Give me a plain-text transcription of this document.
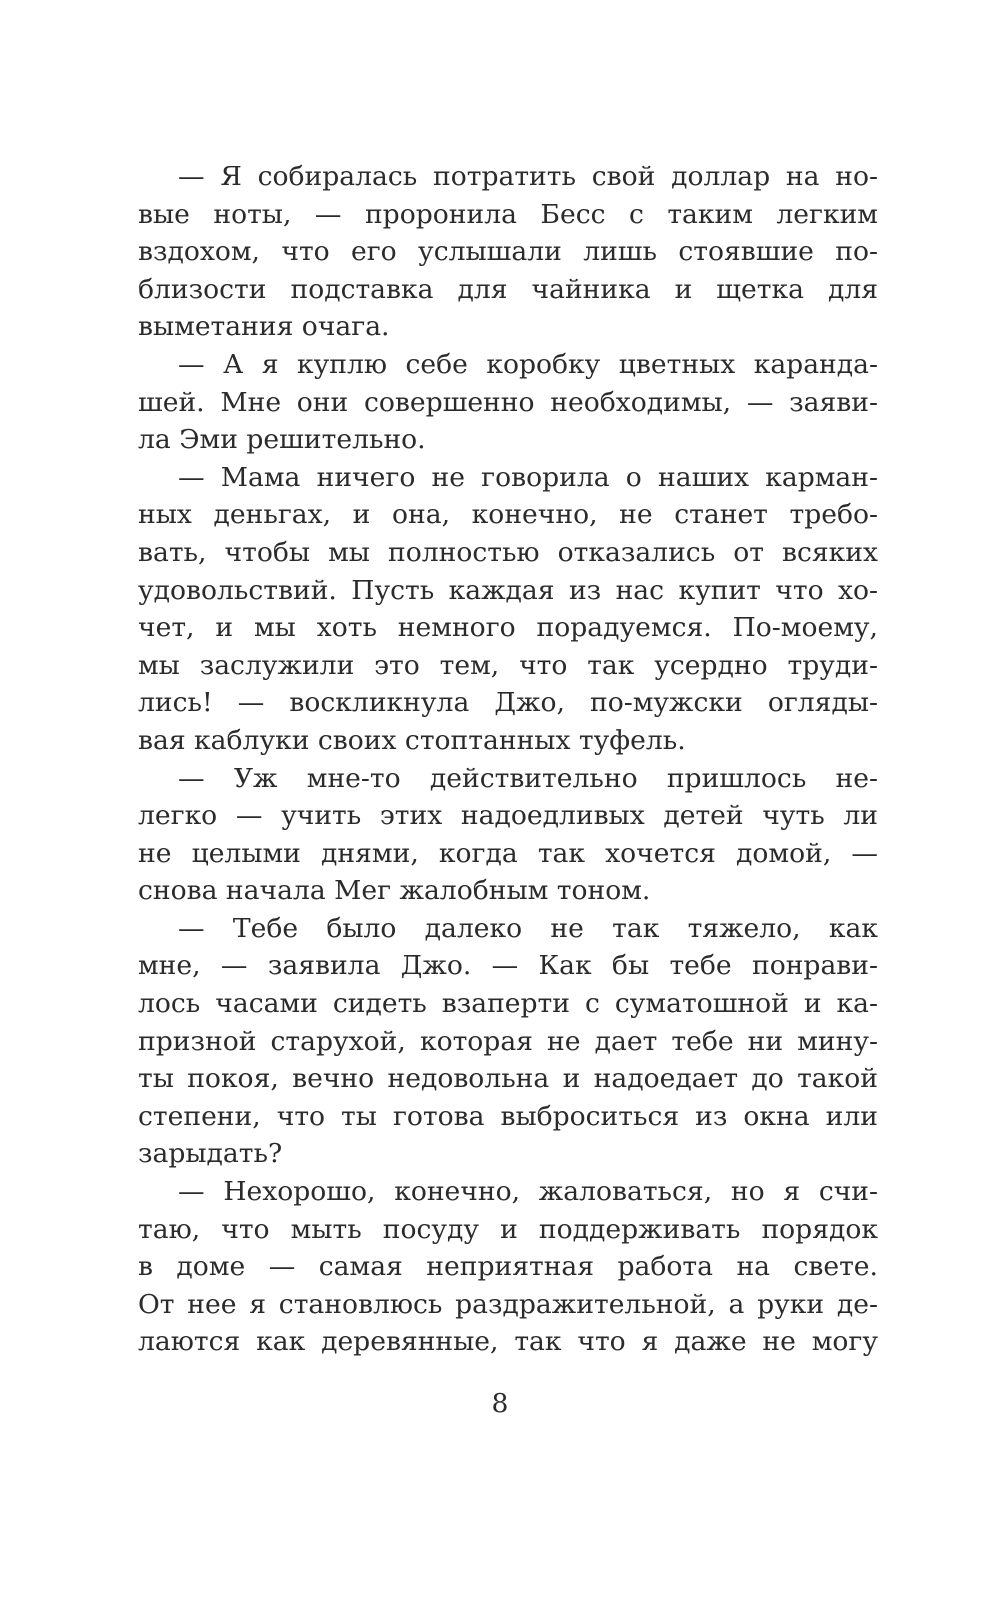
— Я собиралась потратить свой доллар на но-
вые ноты, — проронила Бесс с таким легким
вздохом, что его услышали лишь стоявшие по-
близости подставка для чайника и щетка для
выметания очага.
— А я куплю себе коробку цветных каранда-
шей. Мне они совершенно необходимы, — заяви-
ла Эми решительно.
— Мама ничего не говорила о наших карман-
ных деньгах, и она, конечно, не станет требо-
вать, чтобы мы полностью отказались от всяких
удовольствий. Пусть каждая из нас купит что хо-
чет, и мы хоть немного порадуемся. По-моему,
мы заслужили это тем, что так усердно труди-
лись! — воскликнула Джо, по-мужски огляды-
вая каблуки своих стоптанных туфель.
— Уж мне-то действительно пришлось не-
легко — учить этих надоедливых детей чуть ли
не целыми днями, когда так хочется домой, —
снова начала Мег жалобным тоном.
— Тебе было далеко не так тяжело, как
мне, — заявила Джо. — Как бы тебе понрави-
лось часами сидеть взаперти с суматошной и ка-
призной старухой, которая не дает тебе ни мину-
ты покоя, вечно недовольна и надоедает до такой
степени, что ты готова выброситься из окна или
зарыдать?
— Нехорошо, конечно, жаловаться, но я счи-
таю, что мыть посуду и поддерживать порядок
в доме — самая неприятная работа на свете.
От нее я становлюсь раздражительной, а руки де-
лаются как деревянные, так что я даже не могу
8
